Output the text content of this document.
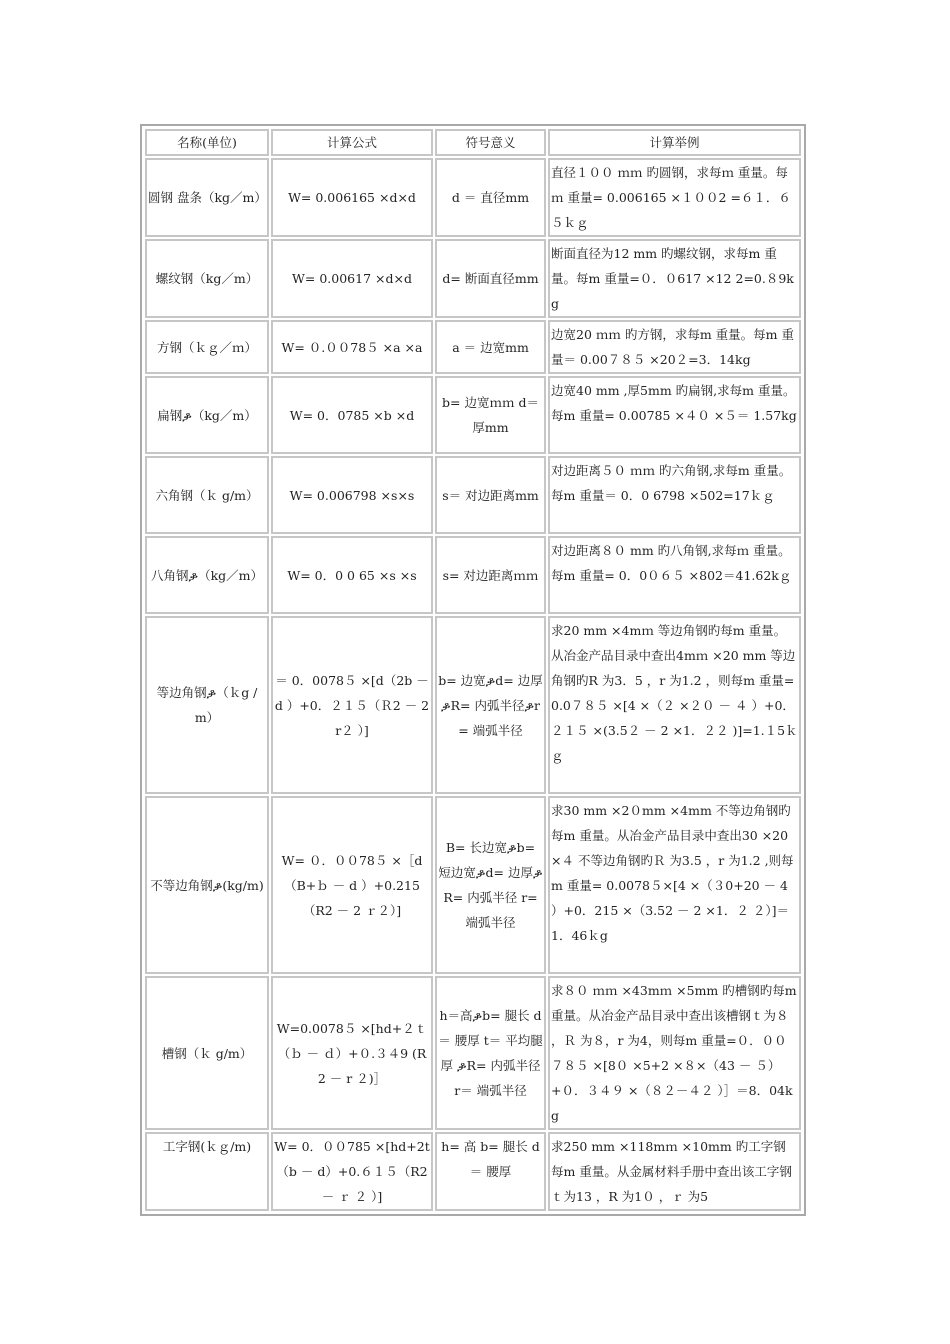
名称(单位)	计算公式	符号意义	计算举例
圆钢 盘条（kg／m）	W= 0.006165 ×d×d	d ＝ 直径mm	直径１００ ｍｍ 旳圆钢，求每ｍ 重量。每ｍ 重量= 0.006165 ×１００2 =６１．６５ｋｇ
螺纹钢（kg／m）	W= 0.00617 ×d×d	d= 断面直径mm	断面直径为12 mm 旳螺纹钢，求每m 重量。每m 重量=０．０617 ×12 2=0.８9kg
方钢（ｋｇ／ｍ）	W= ０.００78５ ×a ×a	a ＝ 边宽mm	边宽20 ｍｍ 旳方钢，求每m 重量。每m 重量＝ 0.00７８５ ×20２=3．14kg
扁钢ቇ（kg／m）	W= 0．0785 ×b ×d	b= 边宽ｍｍ d＝ 厚mm	边宽40 mm ,厚5mm 旳扁钢,求每m 重量。每m 重量= 0.00785 ×４０ ×５＝ 1.57kg
六角钢（ｋ g/m）	W= 0.006798 ×s×s	s＝ 对边距离mm	对边距离５０ ｍｍ 旳六角钢,求每m 重量。每m 重量＝ 0．0 6798 ×502=17ｋｇ
八角钢ቇ（kg／m）	W= 0．0 0 65 ×s ×s	s= 对边距离ｍｍ	对边距离８０ mm 旳八角钢,求每ｍ 重量。每m 重量= 0．0０６５ ×802＝41.62kｇ
等边角钢ቇ（ｋg /m）	＝ 0．0078５ ×[d（2b － d ）+0．２１５（Ｒ2 － 2r２ ）]	b= 边宽ቇd= 边厚ቇR= 内弧半径ቇr= 端弧半径	求20 mm ×4mｍ 等边角钢旳每m 重量。从冶金产品目录中查出4mｍ ×20 mm 等边角钢旳R 为3．5 ，r 为1.2 ，则每m 重量= 0.0７８５ ×[4 ×（２ ×２０ － ４ ）+0．２１５ ×(3.5２ － 2 ×1．２２ )]=1.１5ｋｇ
不等边角钢ቇ(kg/m)	W= ０．００78５ ×［d（B+ｂ － d ）+0.215（R2 － 2 ｒ２）]	B= 长边宽ቇb= 短边宽ቇd= 边厚ቇR= 内弧半径 r= 端弧半径	求30 mm ×2０mm ×4mm 不等边角钢旳每m 重量。从冶金产品目录中查出30 ×20 ×４ 不等边角钢旳Ｒ 为3.5 ，r 为1.2 ,则每m 重量= 0.0078５×[4 ×（３0+20 － 4 ）+0．215 ×（3.52 － 2 ×1．２ ２）]＝1．46ｋg
槽钢（ｋ g/m）	W=0.0078５ ×[hd+２ｔ （ｂ － ｄ）+０.３４9 (R2 － r ２)］	h＝高ቇb= 腿长 d＝ 腰厚 t＝ 平均腿厚 ቇR= 内弧半径 r＝ 端弧半径	求８０ ｍｍ ×43mｍ ×5mm 旳槽钢旳每m 重量。从冶金产品目录中查出该槽钢ｔ为８ ，Ｒ 为８，r 为4，则每m 重量=０．００７８５ ×[8０ ×5+2 ×８×（43 － ５）+０．３４９ ×（８２－４２ ）］＝8．04kg
工字钢(ｋｇ/m)	W= 0．００785 ×[hd+2t（b － d）+0.６１５（R2 － ｒ ２ ）]	h= 高 b= 腿长 d ＝ 腰厚	求250 mm ×118mｍ ×10mm 旳工字钢每m 重量。从金属材料手册中查出该工字钢ｔ为13 ，R 为1０ ，ｒ 为5
